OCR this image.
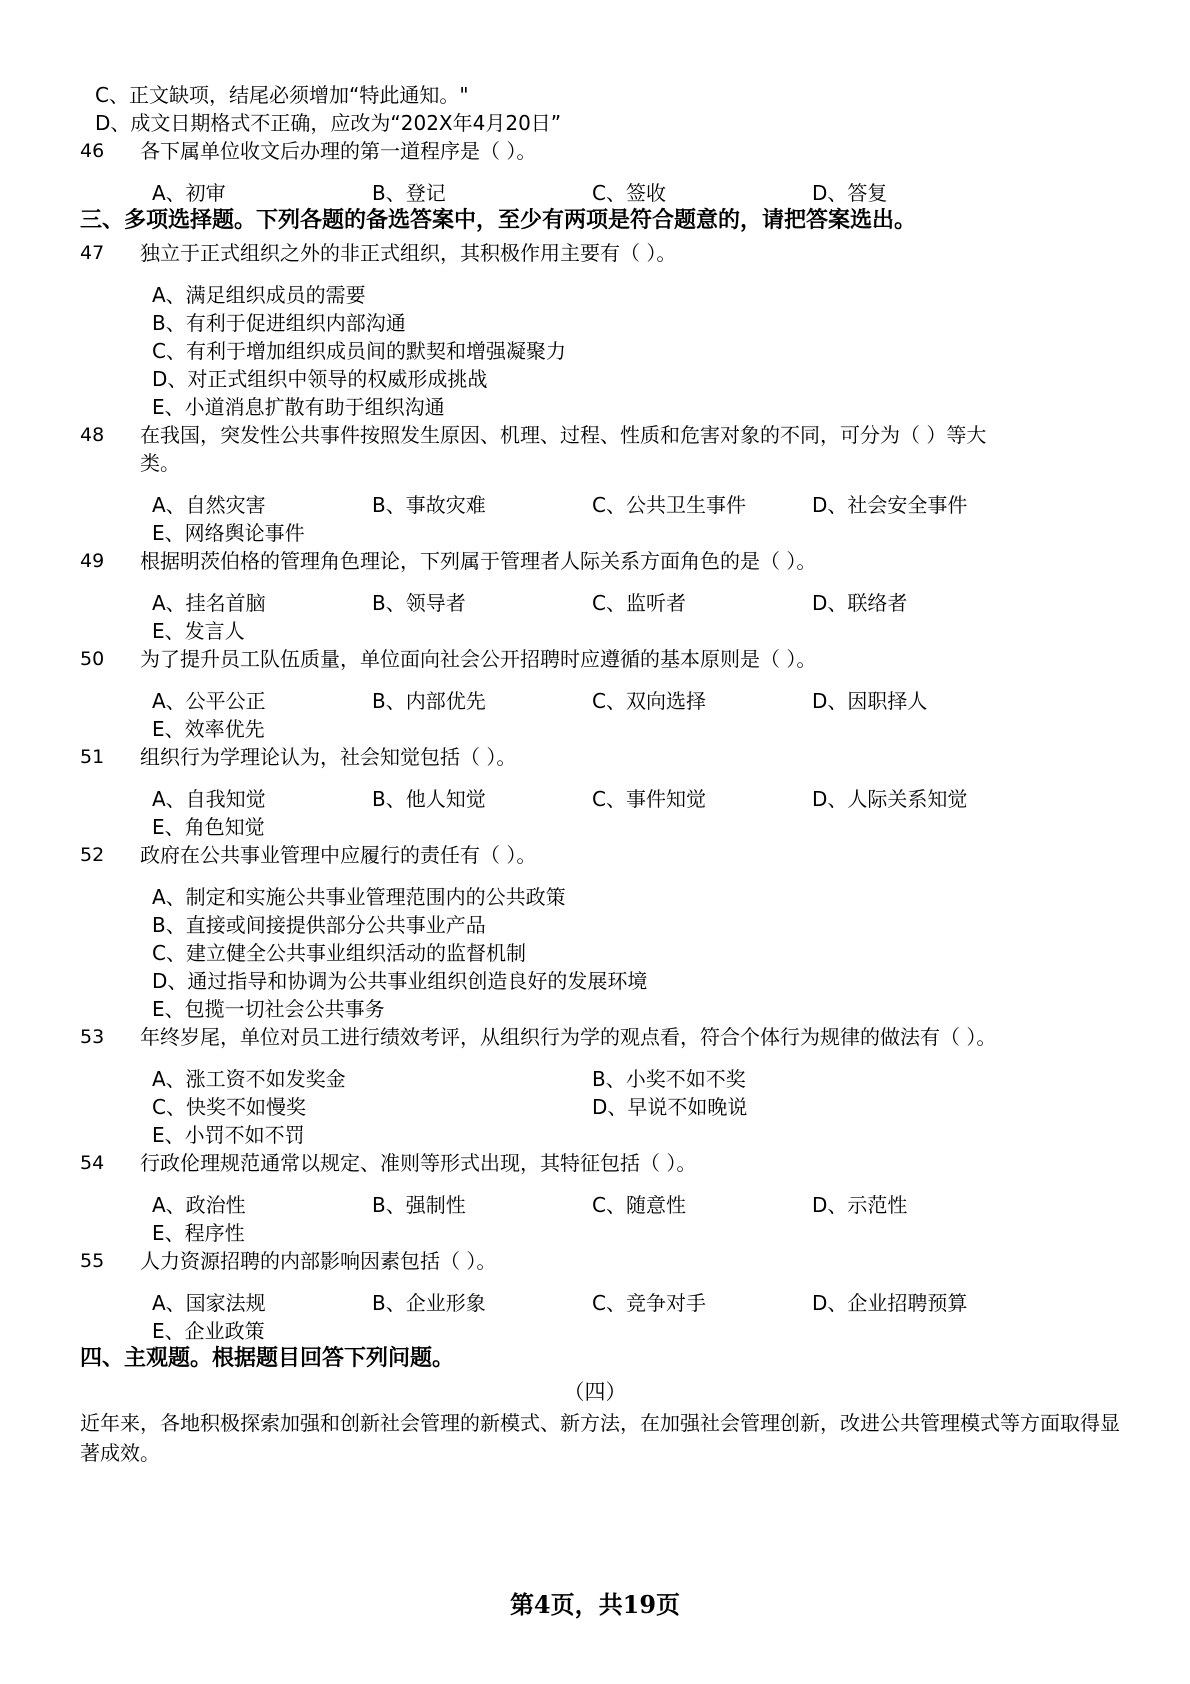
C、正文缺项，结尾必须增加“特此通知。"
D、成文日期格式不正确，应改为“202X年4月20日”
46 各下属单位收文后办理的第一道程序是（ ）。
A、初审	B、登记	C、签收	D、答复
三、多项选择题。下列各题的备选答案中，至少有两项是符合题意的，请把答案选出。
47 独立于正式组织之外的非正式组织，其积极作用主要有（ ）。
A、满足组织成员的需要
B、有利于促进组织内部沟通
C、有利于增加组织成员间的默契和增强凝聚力
D、对正式组织中领导的权威形成挑战
E、小道消息扩散有助于组织沟通
48 在我国，突发性公共事件按照发生原因、机理、过程、性质和危害对象的不同，可分为（ ）等大
类。
A、自然灾害	B、事故灾难	C、公共卫生事件	D、社会安全事件
E、网络舆论事件
49 根据明茨伯格的管理角色理论，下列属于管理者人际关系方面角色的是（ ）。
A、挂名首脑	B、领导者	C、监听者	D、联络者
E、发言人
50 为了提升员工队伍质量，单位面向社会公开招聘时应遵循的基本原则是（ ）。
A、公平公正	B、内部优先	C、双向选择	D、因职择人
E、效率优先
51 组织行为学理论认为，社会知觉包括（ ）。
A、自我知觉	B、他人知觉	C、事件知觉	D、人际关系知觉
E、角色知觉
52 政府在公共事业管理中应履行的责任有（ ）。
A、制定和实施公共事业管理范围内的公共政策
B、直接或间接提供部分公共事业产品
C、建立健全公共事业组织活动的监督机制
D、通过指导和协调为公共事业组织创造良好的发展环境
E、包揽一切社会公共事务
53 年终岁尾，单位对员工进行绩效考评，从组织行为学的观点看，符合个体行为规律的做法有（ ）。
A、涨工资不如发奖金	B、小奖不如不奖
C、快奖不如慢奖	D、早说不如晚说
E、小罚不如不罚
54 行政伦理规范通常以规定、准则等形式出现，其特征包括（ ）。
A、政治性	B、强制性	C、随意性	D、示范性
E、程序性
55 人力资源招聘的内部影响因素包括（ ）。
A、国家法规	B、企业形象	C、竞争对手	D、企业招聘预算
E、企业政策
四、主观题。根据题目回答下列问题。
（四）
近年来，各地积极探索加强和创新社会管理的新模式、新方法，在加强社会管理创新，改进公共管理模式等方面取得显著成效。
第4页，共19页
